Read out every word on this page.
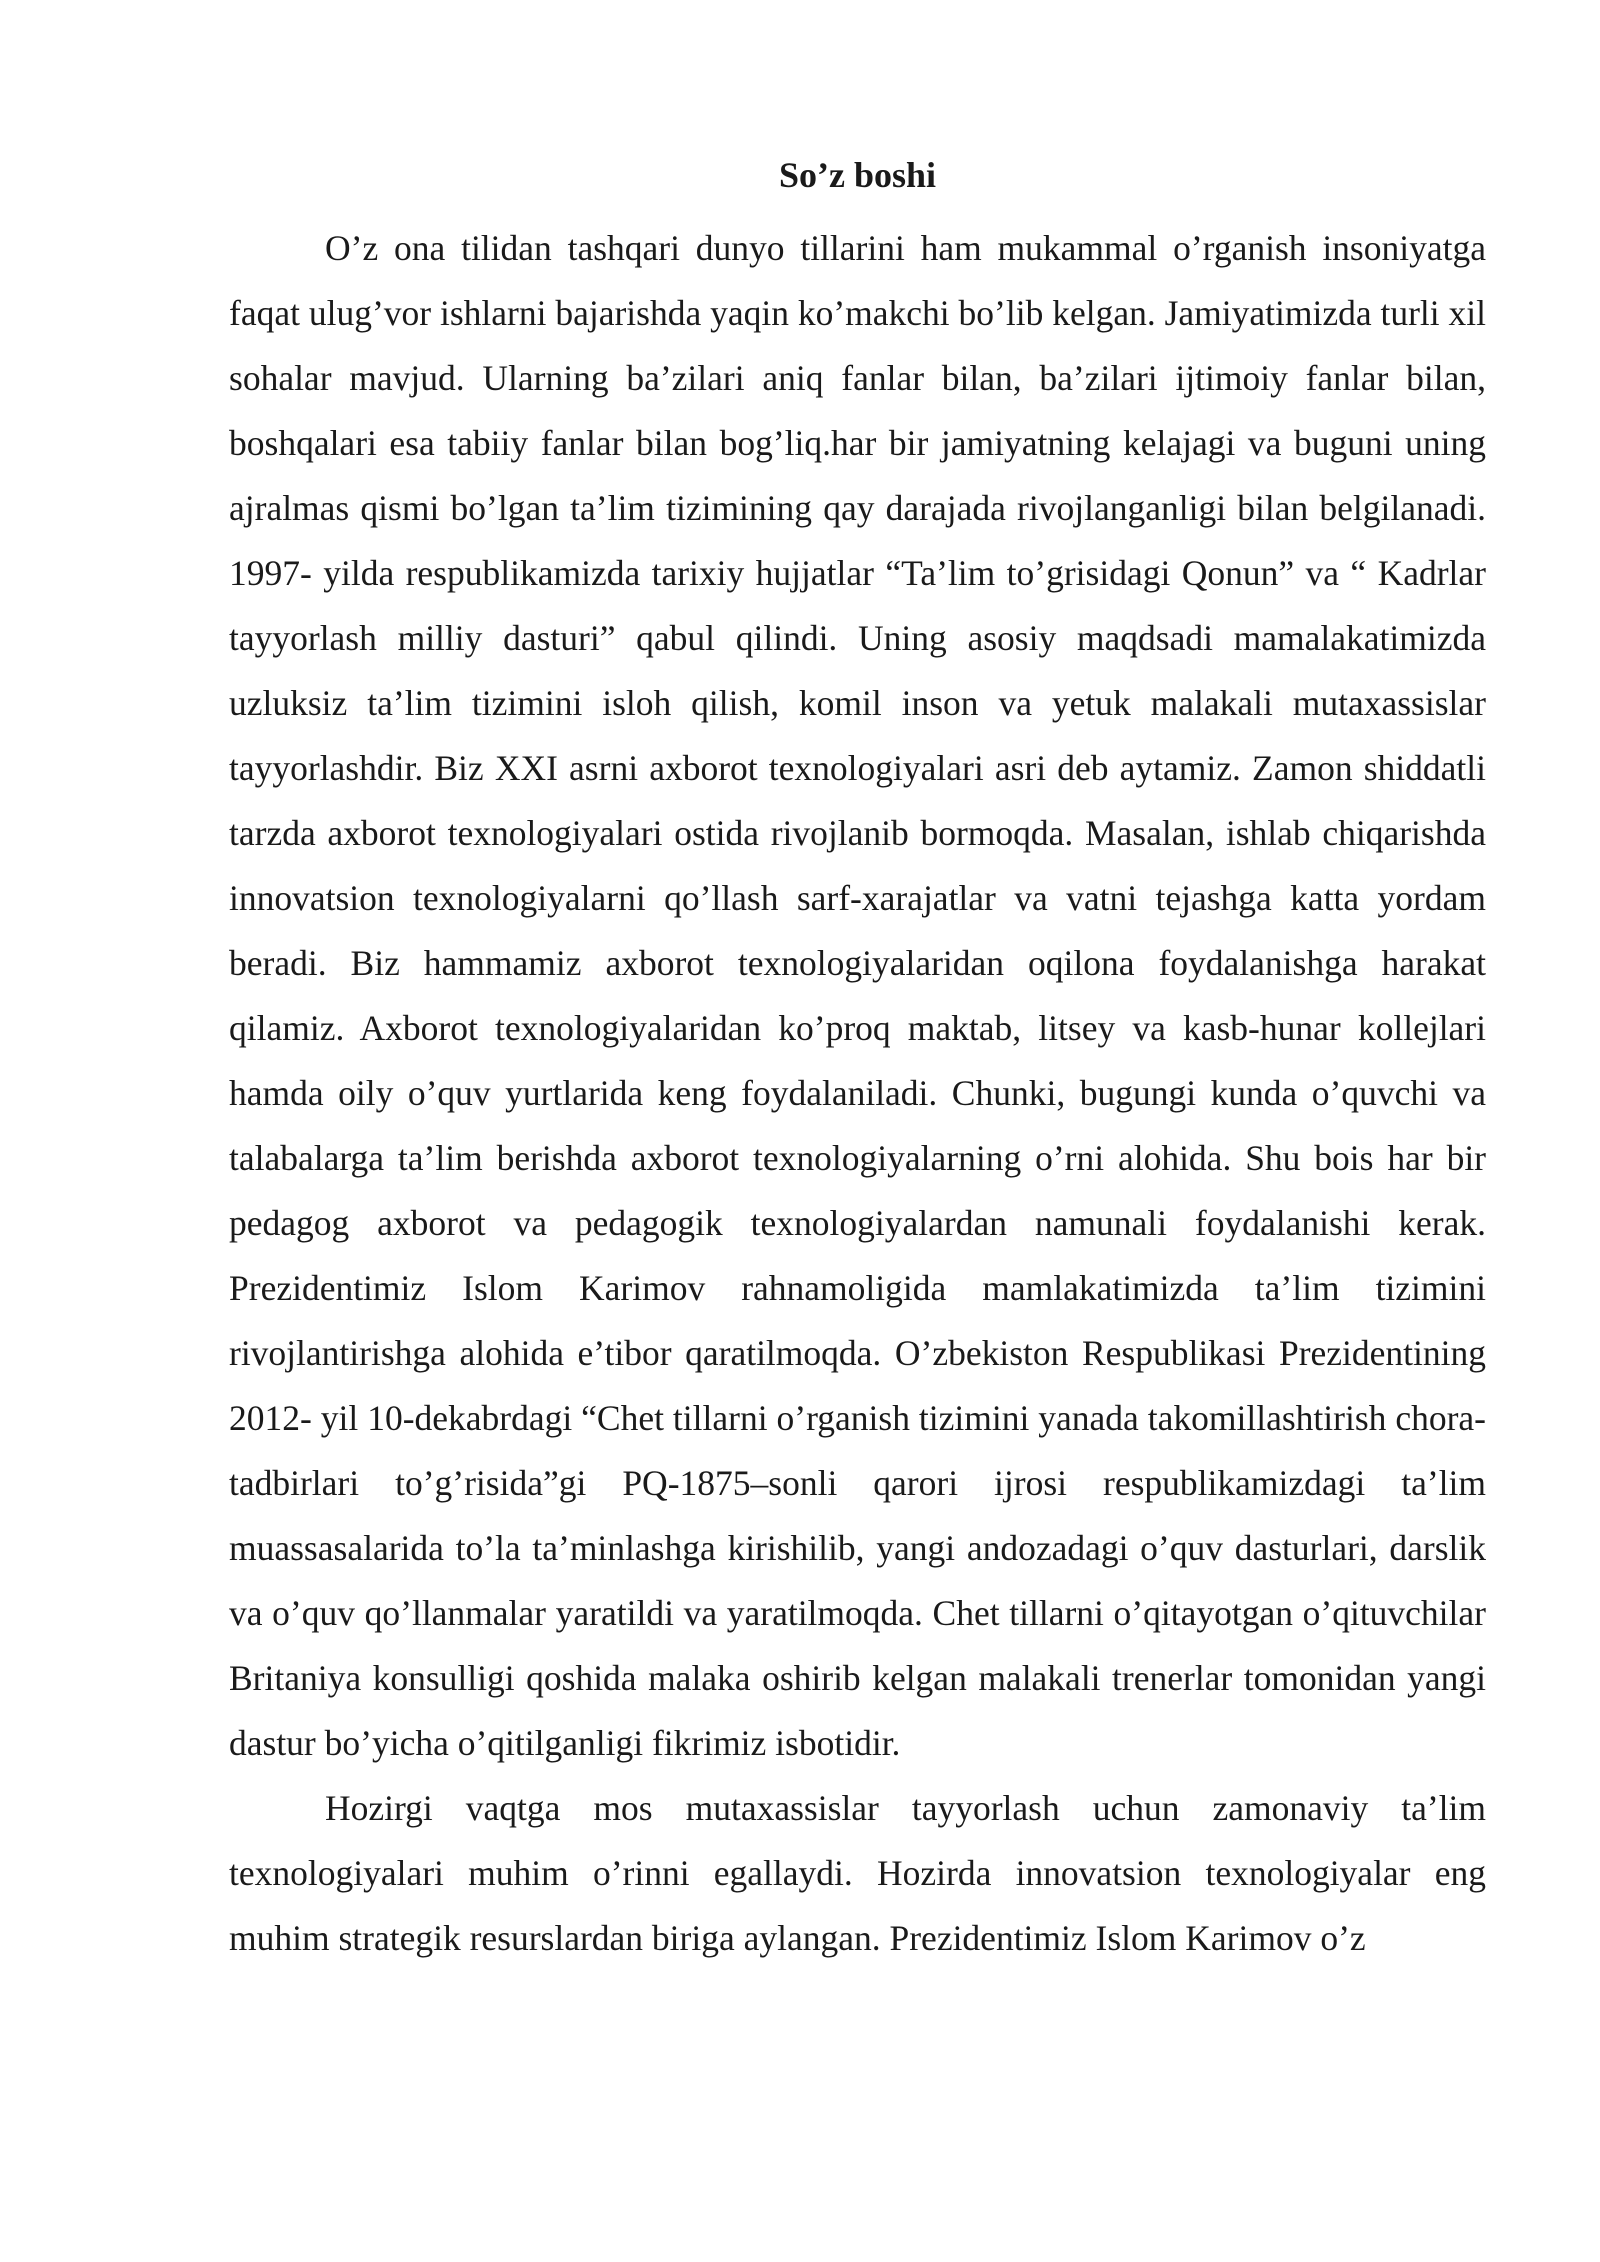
So’z boshi

O’z ona tilidan tashqari dunyo tillarini ham mukammal o’rganish insoniyatga faqat ulug’vor ishlarni bajarishda yaqin ko’makchi bo’lib kelgan. Jamiyatimizda turli xil sohalar mavjud. Ularning ba’zilari aniq fanlar bilan, ba’zilari ijtimoiy fanlar bilan, boshqalari esa tabiiy fanlar bilan bog’liq.har bir jamiyatning kelajagi va buguni uning ajralmas qismi bo’lgan ta’lim tizimining qay darajada rivojlanganligi bilan belgilanadi. 1997- yilda respublikamizda tarixiy hujjatlar “Ta’lim to’grisidagi Qonun” va “ Kadrlar tayyorlash milliy dasturi” qabul qilindi. Uning asosiy maqdsadi mamalakatimizda uzluksiz ta’lim tizimini isloh qilish, komil inson va yetuk malakali mutaxassislar tayyorlashdir. Biz XXI asrni axborot texnologiyalari asri deb aytamiz. Zamon shiddatli tarzda axborot texnologiyalari ostida rivojlanib bormoqda. Masalan, ishlab chiqarishda innovatsion texnologiyalarni qo’llash sarf-xarajatlar va vatni tejashga katta yordam beradi. Biz hammamiz axborot texnologiyalaridan oqilona foydalanishga harakat qilamiz. Axborot texnologiyalaridan ko’proq maktab, litsey va kasb-hunar kollejlari hamda oily o’quv yurtlarida keng foydalaniladi. Chunki, bugungi kunda o’quvchi va talabalarga ta’lim berishda axborot texnologiyalarning o’rni alohida. Shu bois har bir pedagog axborot va pedagogik texnologiyalardan namunali foydalanishi kerak. Prezidentimiz Islom Karimov rahnamoligida mamlakatimizda ta’lim tizimini rivojlantirishga alohida e’tibor qaratilmoqda. O’zbekiston Respublikasi Prezidentining 2012- yil 10-dekabrdagi “Chet tillarni o’rganish tizimini yanada takomillashtirish chora-tadbirlari to’g’risida”gi PQ-1875–sonli qarori ijrosi respublikamizdagi ta’lim muassasalarida to’la ta’minlashga kirishilib, yangi andozadagi o’quv dasturlari, darslik va o’quv qo’llanmalar yaratildi va yaratilmoqda. Chet tillarni o’qitayotgan o’qituvchilar Britaniya konsulligi qoshida malaka oshirib kelgan malakali trenerlar tomonidan yangi dastur bo’yicha o’qitilganligi fikrimiz isbotidir.

Hozirgi vaqtga mos mutaxassislar tayyorlash uchun zamonaviy ta’lim texnologiyalari muhim o’rinni egallaydi. Hozirda innovatsion texnologiyalar eng muhim strategik resurslardan biriga aylangan. Prezidentimiz Islom Karimov o’z
